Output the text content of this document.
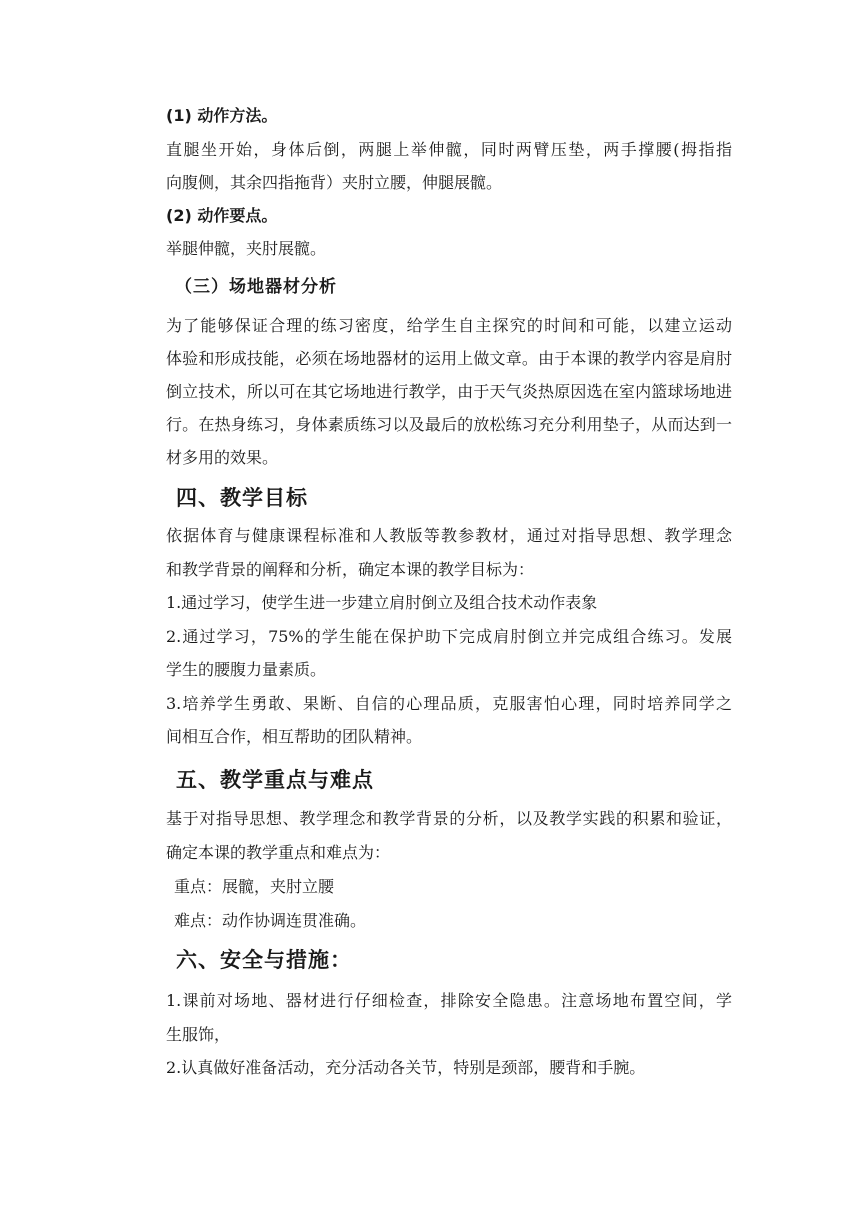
(1) 动作方法。
直腿坐开始，身体后倒，两腿上举伸髋，同时两臂压垫，两手撑腰(拇指指
向腹侧，其余四指拖背）夹肘立腰，伸腿展髋。
(2) 动作要点。
举腿伸髋，夹肘展髋。
（三）场地器材分析
为了能够保证合理的练习密度，给学生自主探究的时间和可能，以建立运动
体验和形成技能，必须在场地器材的运用上做文章。由于本课的教学内容是肩肘
倒立技术，所以可在其它场地进行教学，由于天气炎热原因选在室内篮球场地进
行。在热身练习，身体素质练习以及最后的放松练习充分利用垫子，从而达到一
材多用的效果。
四、教学目标
依据体育与健康课程标准和人教版等教参教材，通过对指导思想、教学理念
和教学背景的阐释和分析，确定本课的教学目标为：
1.通过学习，使学生进一步建立肩肘倒立及组合技术动作表象
2.通过学习，75%的学生能在保护助下完成肩肘倒立并完成组合练习。发展
学生的腰腹力量素质。
3.培养学生勇敢、果断、自信的心理品质，克服害怕心理，同时培养同学之
间相互合作，相互帮助的团队精神。
五、教学重点与难点
基于对指导思想、教学理念和教学背景的分析，以及教学实践的积累和验证，
确定本课的教学重点和难点为：
重点：展髋，夹肘立腰
难点：动作协调连贯准确。
六、安全与措施：
1.课前对场地、器材进行仔细检查，排除安全隐患。注意场地布置空间，学
生服饰，
2.认真做好准备活动，充分活动各关节，特别是颈部，腰背和手腕。
